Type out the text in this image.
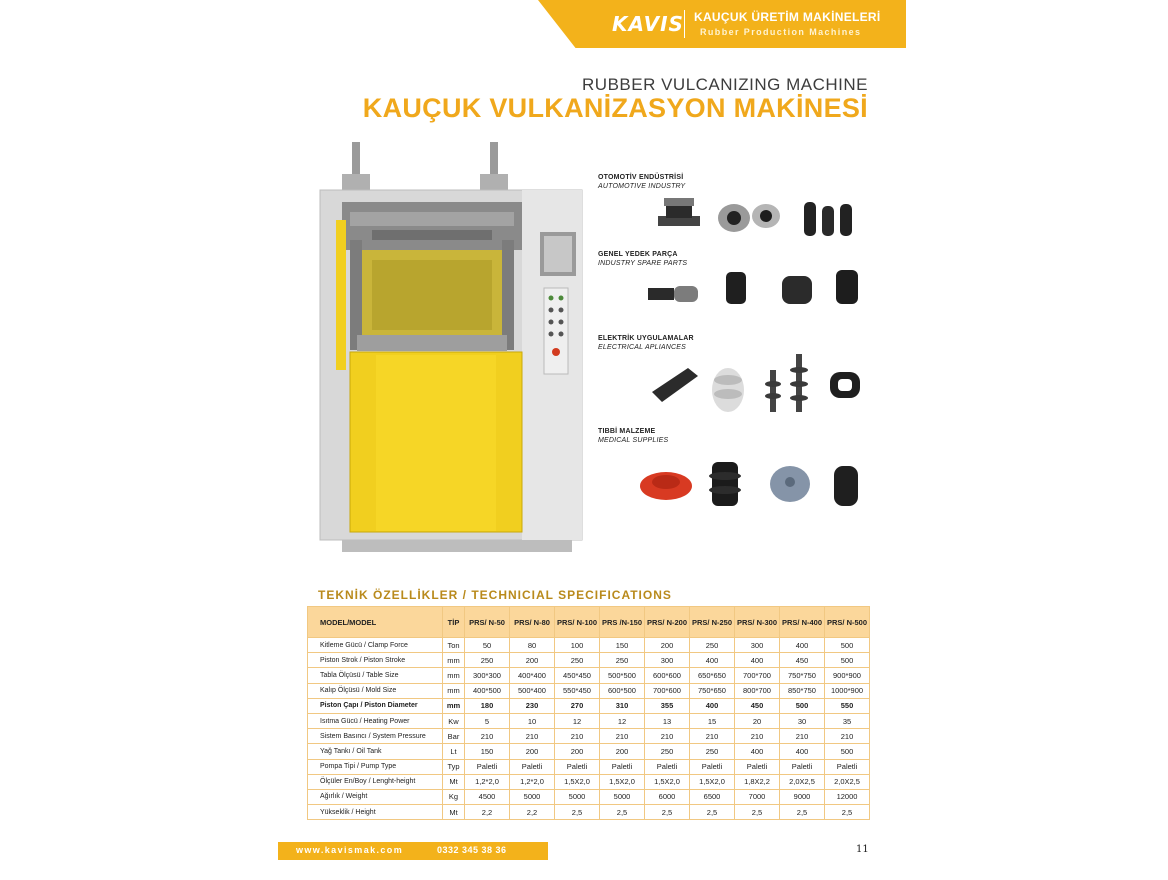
KAVIS KAUÇUK ÜRETİM MAKİNELERİ
Rubber Production Machines
RUBBER VULCANIZING MACHINE
KAUÇUK VULKANİZASYON MAKİNESİ
OTOMOTİV ENDÜSTRİSİ
AUTOMOTIVE INDUSTRY
GENEL YEDEK PARÇA
INDUSTRY SPARE PARTS
ELEKTRİK UYGULAMALAR
ELECTRICAL APLIANCES
TIBBİ MALZEME
MEDICAL SUPPLIES
TEKNİK ÖZELLİKLER / TECHNICIAL SPECIFICATIONS
MODEL/MODEL	TİP	PRS/ N-50	PRS/ N-80	PRS/ N-100	PRS /N-150	PRS/ N-200	PRS/ N-250	PRS/ N-300	PRS/ N-400	PRS/ N-500
Kitleme Gücü / Clamp Force	Ton	50	80	100	150	200	250	300	400	500
Piston Strok / Piston Stroke	mm	250	200	250	250	300	400	400	450	500
Tabla Ölçüsü / Table Size	mm	300*300	400*400	450*450	500*500	600*600	650*650	700*700	750*750	900*900
Kalıp Ölçüsü / Mold Size	mm	400*500	500*400	550*450	600*500	700*600	750*650	800*700	850*750	1000*900
Piston Çapı / Piston Diameter	mm	180	230	270	310	355	400	450	500	550
Isıtma Gücü / Heating Power	Kw	5	10	12	12	13	15	20	30	35
Sistem Basıncı / System Pressure	Bar	210	210	210	210	210	210	210	210	210
Yağ Tankı / Oil Tank	Lt	150	200	200	200	250	250	400	400	500
Pompa Tipi / Pump Type	Typ	Paletli	Paletli	Paletli	Paletli	Paletli	Paletli	Paletli	Paletli	Paletli
Ölçüler En/Boy / Lenght-height	Mt	1,2*2,0	1,2*2,0	1,5X2,0	1,5X2,0	1,5X2,0	1,5X2,0	1,8X2,2	2,0X2,5	2,0X2,5
Ağırlık / Weight	Kg	4500	5000	5000	5000	6000	6500	7000	9000	12000
Yükseklik / Height	Mt	2,2	2,2	2,5	2,5	2,5	2,5	2,5	2,5	2,5
www.kavismak.com	0332 345 38 36	11
